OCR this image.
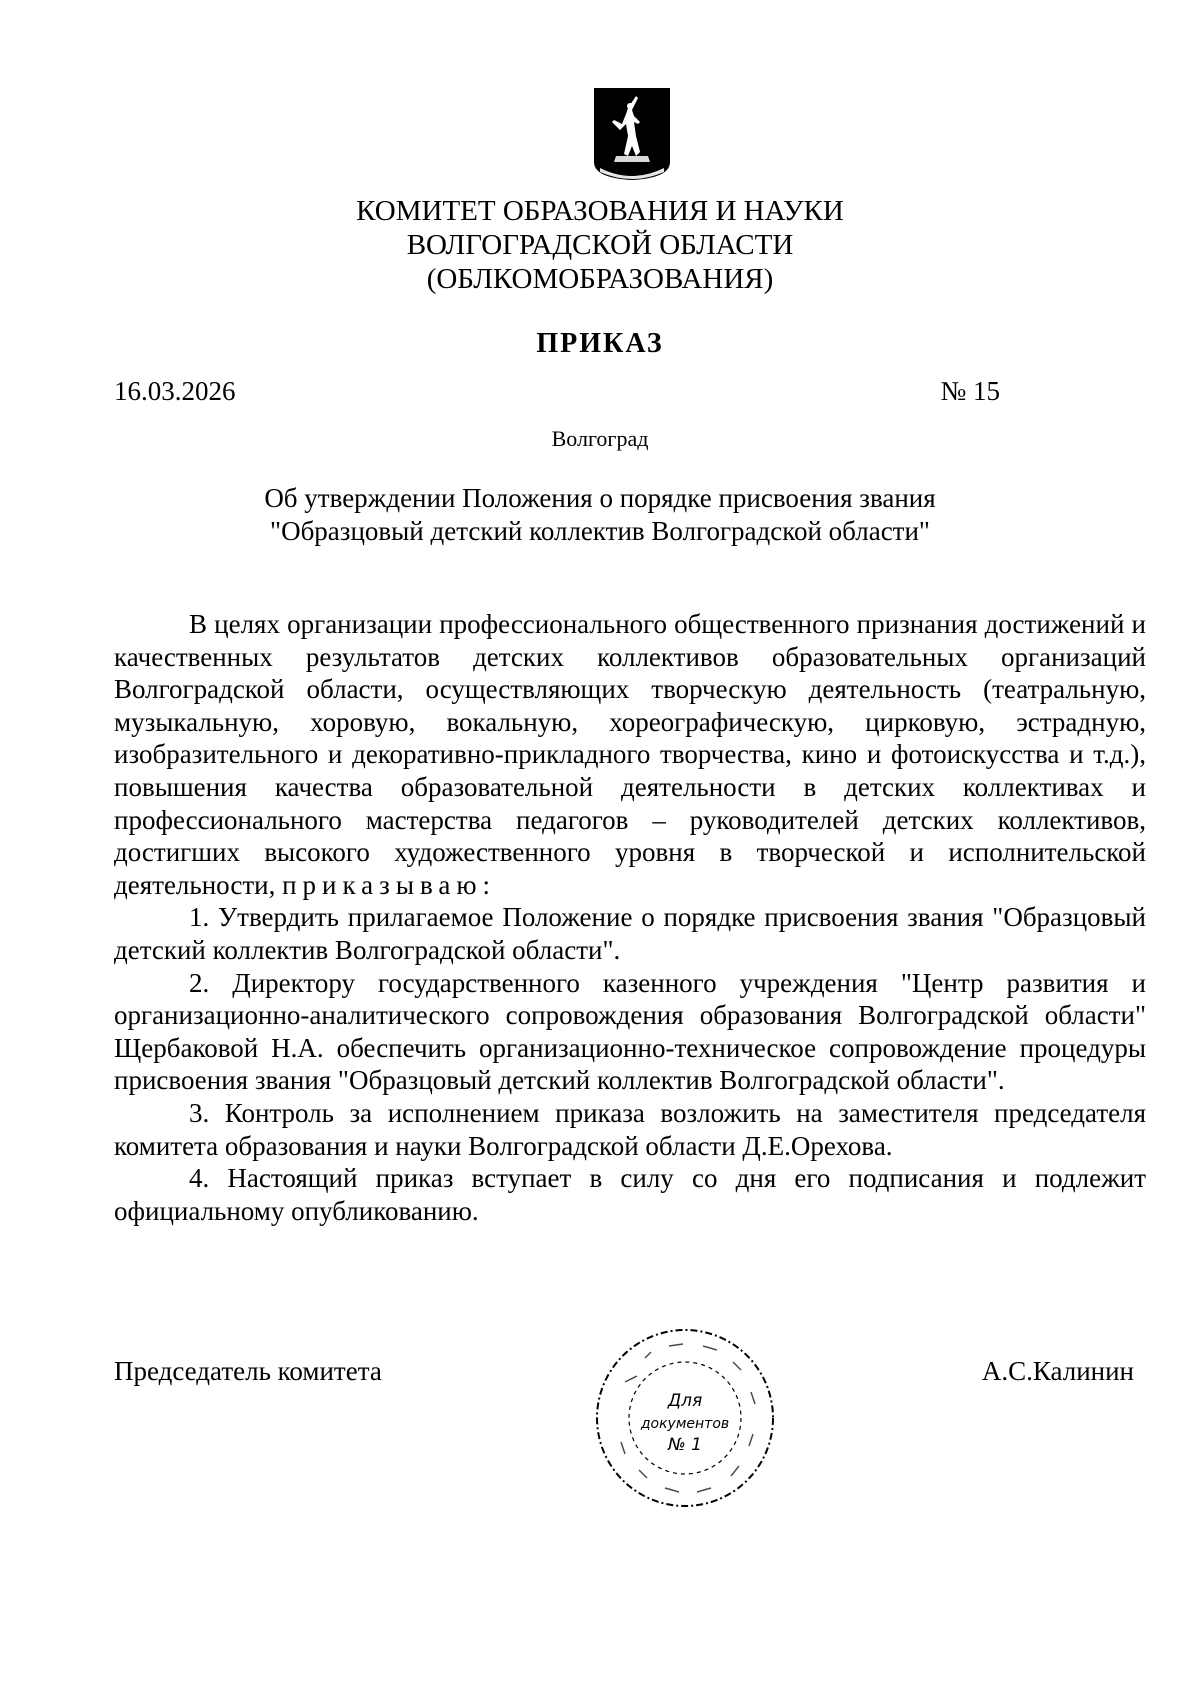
КОМИТЕТ ОБРАЗОВАНИЯ И НАУКИ
ВОЛГОГРАДСКОЙ ОБЛАСТИ
(ОБЛКОМОБРАЗОВАНИЯ)
ПРИКАЗ
16.03.2026	№ 15
Волгоград
Об утверждении Положения о порядке присвоения звания
"Образцовый детский коллектив Волгоградской области"

В целях организации профессионального общественного признания достижений и качественных результатов детских коллективов образовательных организаций Волгоградской области, осуществляющих творческую деятельность (театральную, музыкальную, хоровую, вокальную, хореографическую, цирковую, эстрадную, изобразительного и декоративно-прикладного творчества, кино и фотоискусства и т.д.), повышения качества образовательной деятельности в детских коллективах и профессионального мастерства педагогов – руководителей детских коллективов, достигших высокого художественного уровня в творческой и исполнительской деятельности, приказываю:

1. Утвердить прилагаемое Положение о порядке присвоения звания "Образцовый детский коллектив Волгоградской области".

2. Директору государственного казенного учреждения "Центр развития и организационно-аналитического сопровождения образования Волгоградской области" Щербаковой Н.А. обеспечить организационно-техническое сопровождение процедуры присвоения звания "Образцовый детский коллектив Волгоградской области".

3. Контроль за исполнением приказа возложить на заместителя председателя комитета образования и науки Волгоградской области Д.Е.Орехова.

4. Настоящий приказ вступает в силу со дня его подписания и подлежит официальному опубликованию.

Председатель комитета	А.С.Калинин
Для
документов
№ 1
